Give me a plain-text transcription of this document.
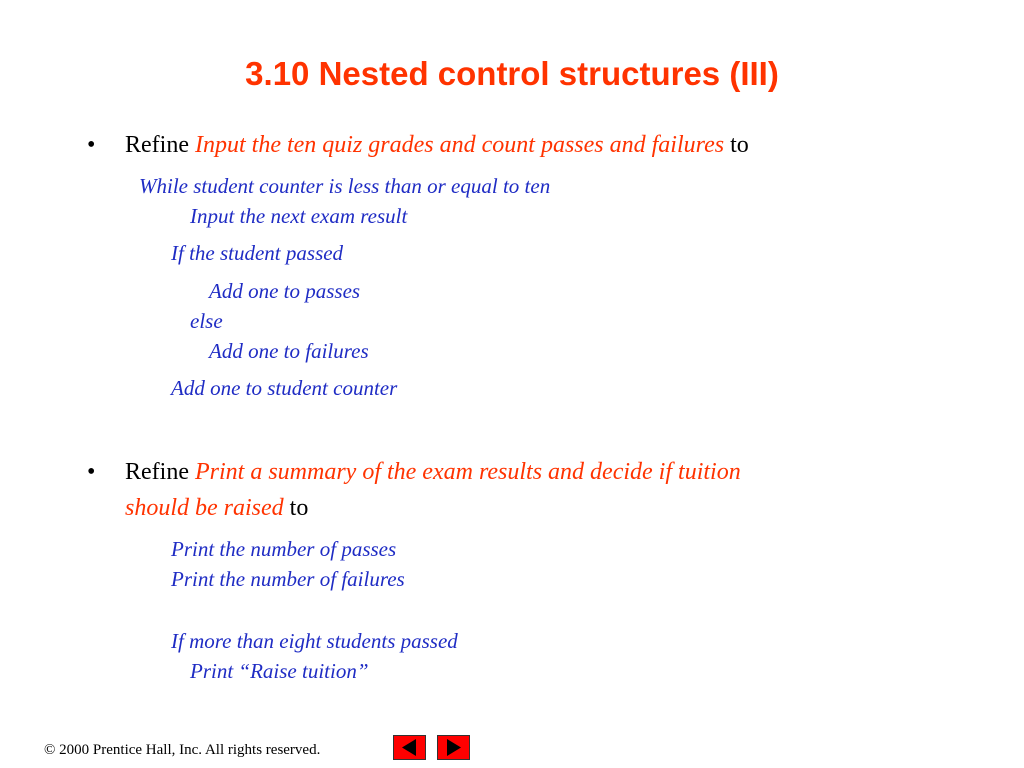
3.10 Nested control structures (III)
• Refine Input the ten quiz grades and count passes and failures to
While student counter is less than or equal to ten
Input the next exam result
If the student passed
Add one to passes
else
Add one to failures
Add one to student counter
• Refine Print a summary of the exam results and decide if tuition
should be raised to
Print the number of passes
Print the number of failures
If more than eight students passed
Print “Raise tuition”
© 2000 Prentice Hall, Inc. All rights reserved.
